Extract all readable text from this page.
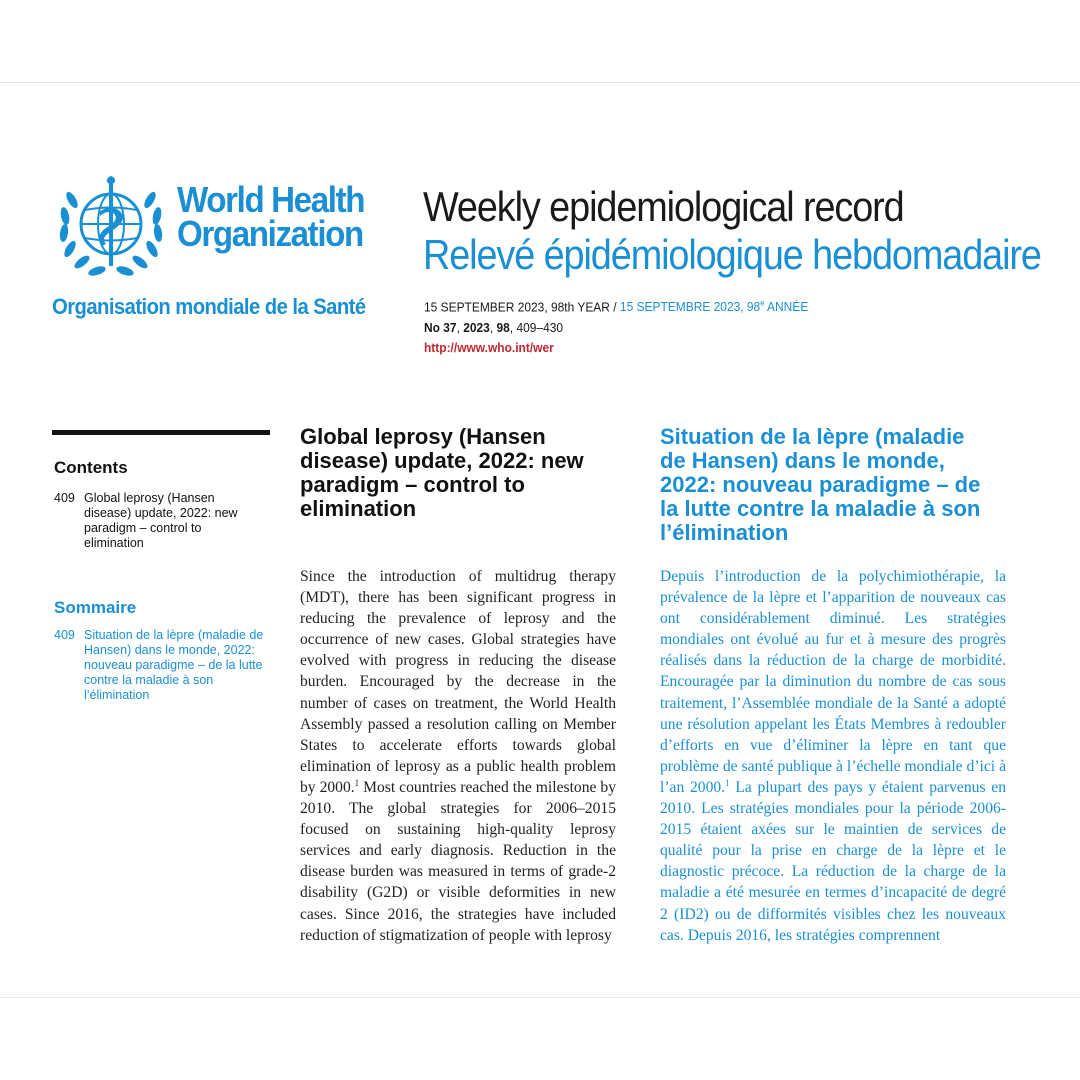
World Health
Organization
Organisation mondiale de la Santé
Weekly epidemiological record
Relevé épidémiologique hebdomadaire
15 SEPTEMBER 2023, 98th YEAR / 15 SEPTEMBRE 2023, 98e ANNÉE
No 37, 2023, 98, 409–430
http://www.who.int/wer
Contents
409 Global leprosy (Hansen disease) update, 2022: new paradigm – control to elimination
Sommaire
409 Situation de la lèpre (maladie de Hansen) dans le monde, 2022: nouveau paradigme – de la lutte contre la maladie à son l’élimination
Global leprosy (Hansen disease) update, 2022: new paradigm – control to elimination
Situation de la lèpre (maladie de Hansen) dans le monde, 2022: nouveau paradigme – de la lutte contre la maladie à son l’élimination

Since the introduction of multidrug therapy (MDT), there has been significant progress in reducing the prevalence of leprosy and the occurrence of new cases. Global strategies have evolved with progress in reducing the disease burden. Encouraged by the decrease in the number of cases on treatment, the World Health Assembly passed a resolution calling on Member States to accelerate efforts towards global elimination of leprosy as a public health problem by 2000.$^1$ Most countries reached the milestone by 2010. The global strategies for 2006–2015 focused on sustaining high-quality leprosy services and early diagnosis. Reduction in the disease burden was measured in terms of grade-2 disability (G2D) or visible deformities in new cases. Since 2016, the strategies have included reduction of stigmatization of people with leprosy

Depuis l’introduction de la polychimiothérapie, la prévalence de la lèpre et l’apparition de nouveaux cas ont considérablement diminué. Les stratégies mondiales ont évolué au fur et à mesure des progrès réalisés dans la réduction de la charge de morbidité. Encouragée par la diminution du nombre de cas sous traitement, l’Assemblée mondiale de la Santé a adopté une résolution appelant les États Membres à redoubler d’efforts en vue d’éliminer la lèpre en tant que problème de santé publique à l’échelle mondiale d’ici à l’an 2000.$^1$ La plupart des pays y étaient parvenus en 2010. Les stratégies mondiales pour la période 2006-2015 étaient axées sur le maintien de services de qualité pour la prise en charge de la lèpre et le diagnostic précoce. La réduction de la charge de la maladie a été mesurée en termes d’incapacité de degré 2 (ID2) ou de difformités visibles chez les nouveaux cas. Depuis 2016, les stratégies comprennent
